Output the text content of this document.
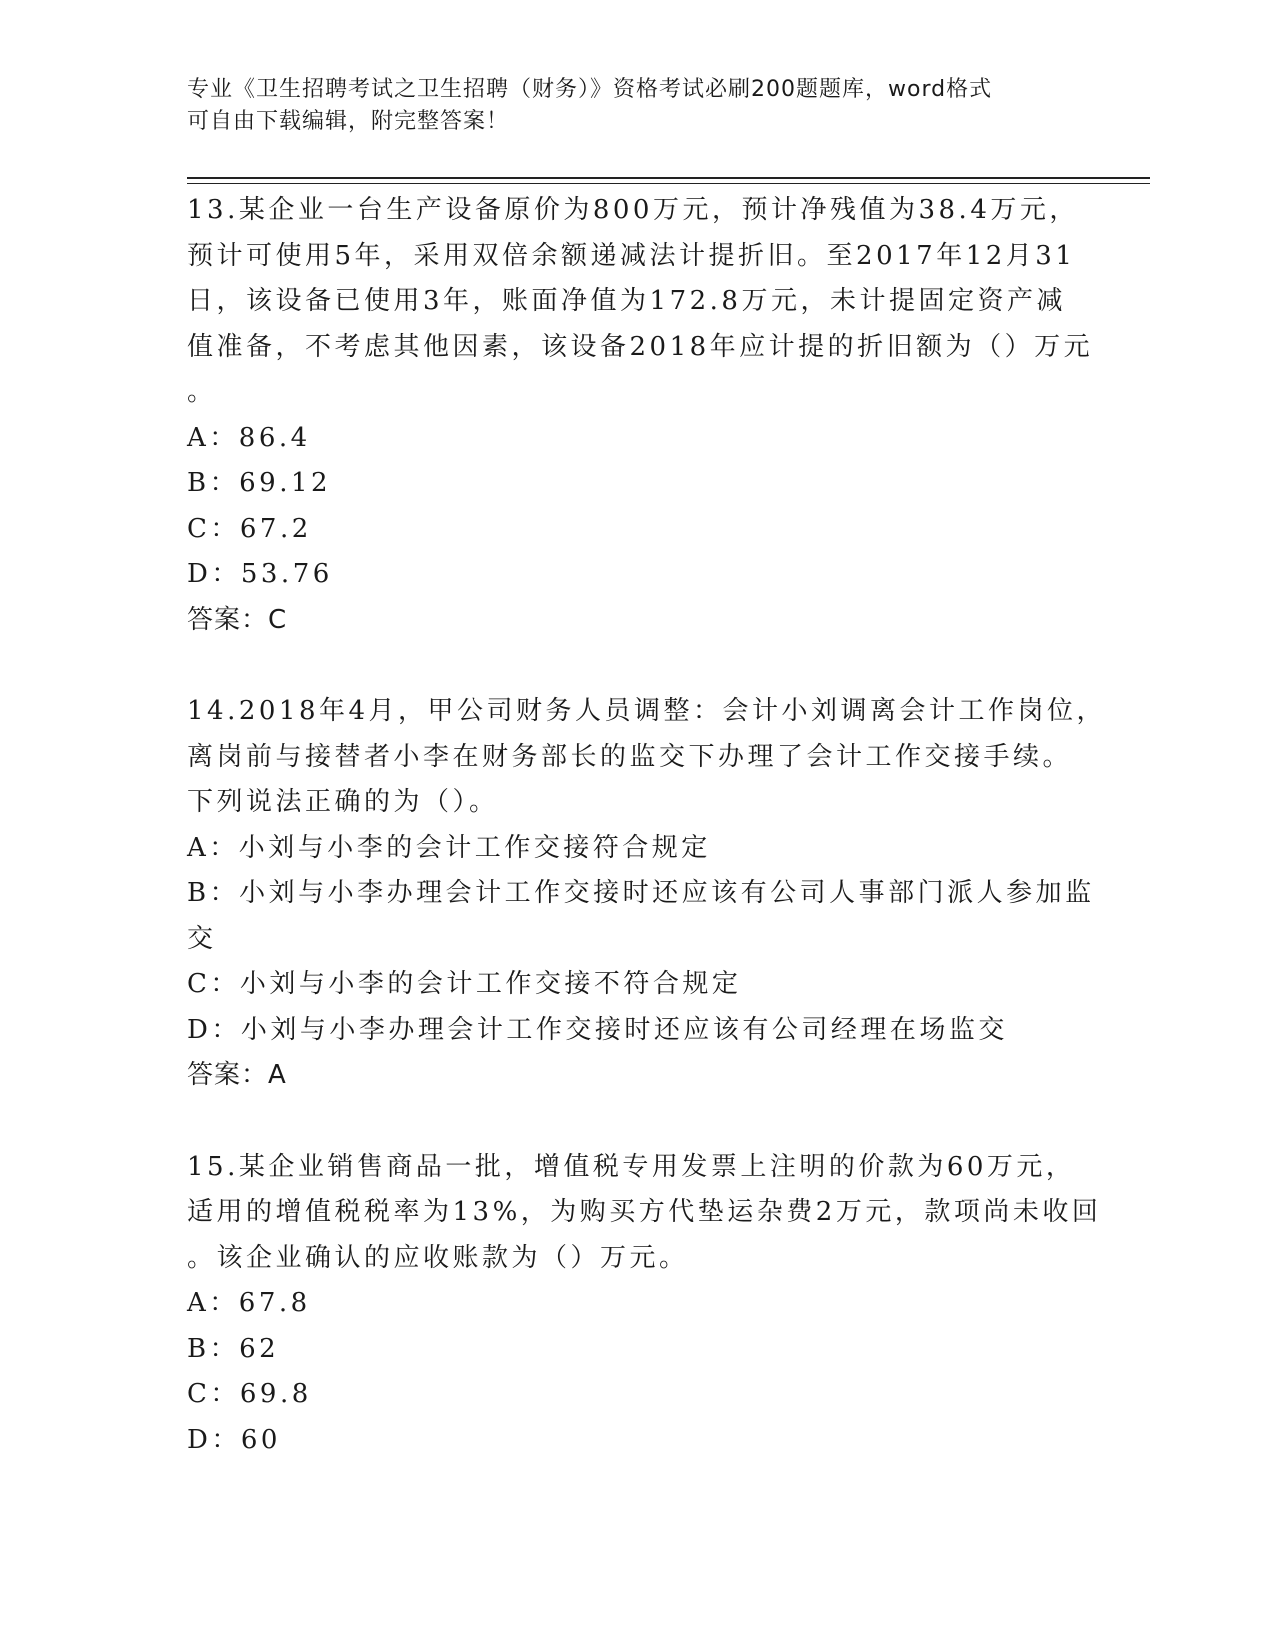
专业《卫生招聘考试之卫生招聘（财务）》资格考试必刷200题题库，word格式

可自由下载编辑，附完整答案！

13.某企业一台生产设备原价为800万元，预计净残值为38.4万元，
预计可使用5年，采用双倍余额递减法计提折旧。至2017年12月31
日，该设备已使用3年，账面净值为172.8万元，未计提固定资产减
值准备，不考虑其他因素，该设备2018年应计提的折旧额为（）万元
。
A：86.4
B：69.12
C：67.2
D：53.76
答案：C
14.2018年4月，甲公司财务人员调整：会计小刘调离会计工作岗位，
离岗前与接替者小李在财务部长的监交下办理了会计工作交接手续。
下列说法正确的为（）。
A：小刘与小李的会计工作交接符合规定
B：小刘与小李办理会计工作交接时还应该有公司人事部门派人参加监
交
C：小刘与小李的会计工作交接不符合规定
D：小刘与小李办理会计工作交接时还应该有公司经理在场监交
答案：A
15.某企业销售商品一批，增值税专用发票上注明的价款为60万元，
适用的增值税税率为13%，为购买方代垫运杂费2万元，款项尚未收回
。该企业确认的应收账款为（）万元。
A：67.8
B：62
C：69.8
D：60
